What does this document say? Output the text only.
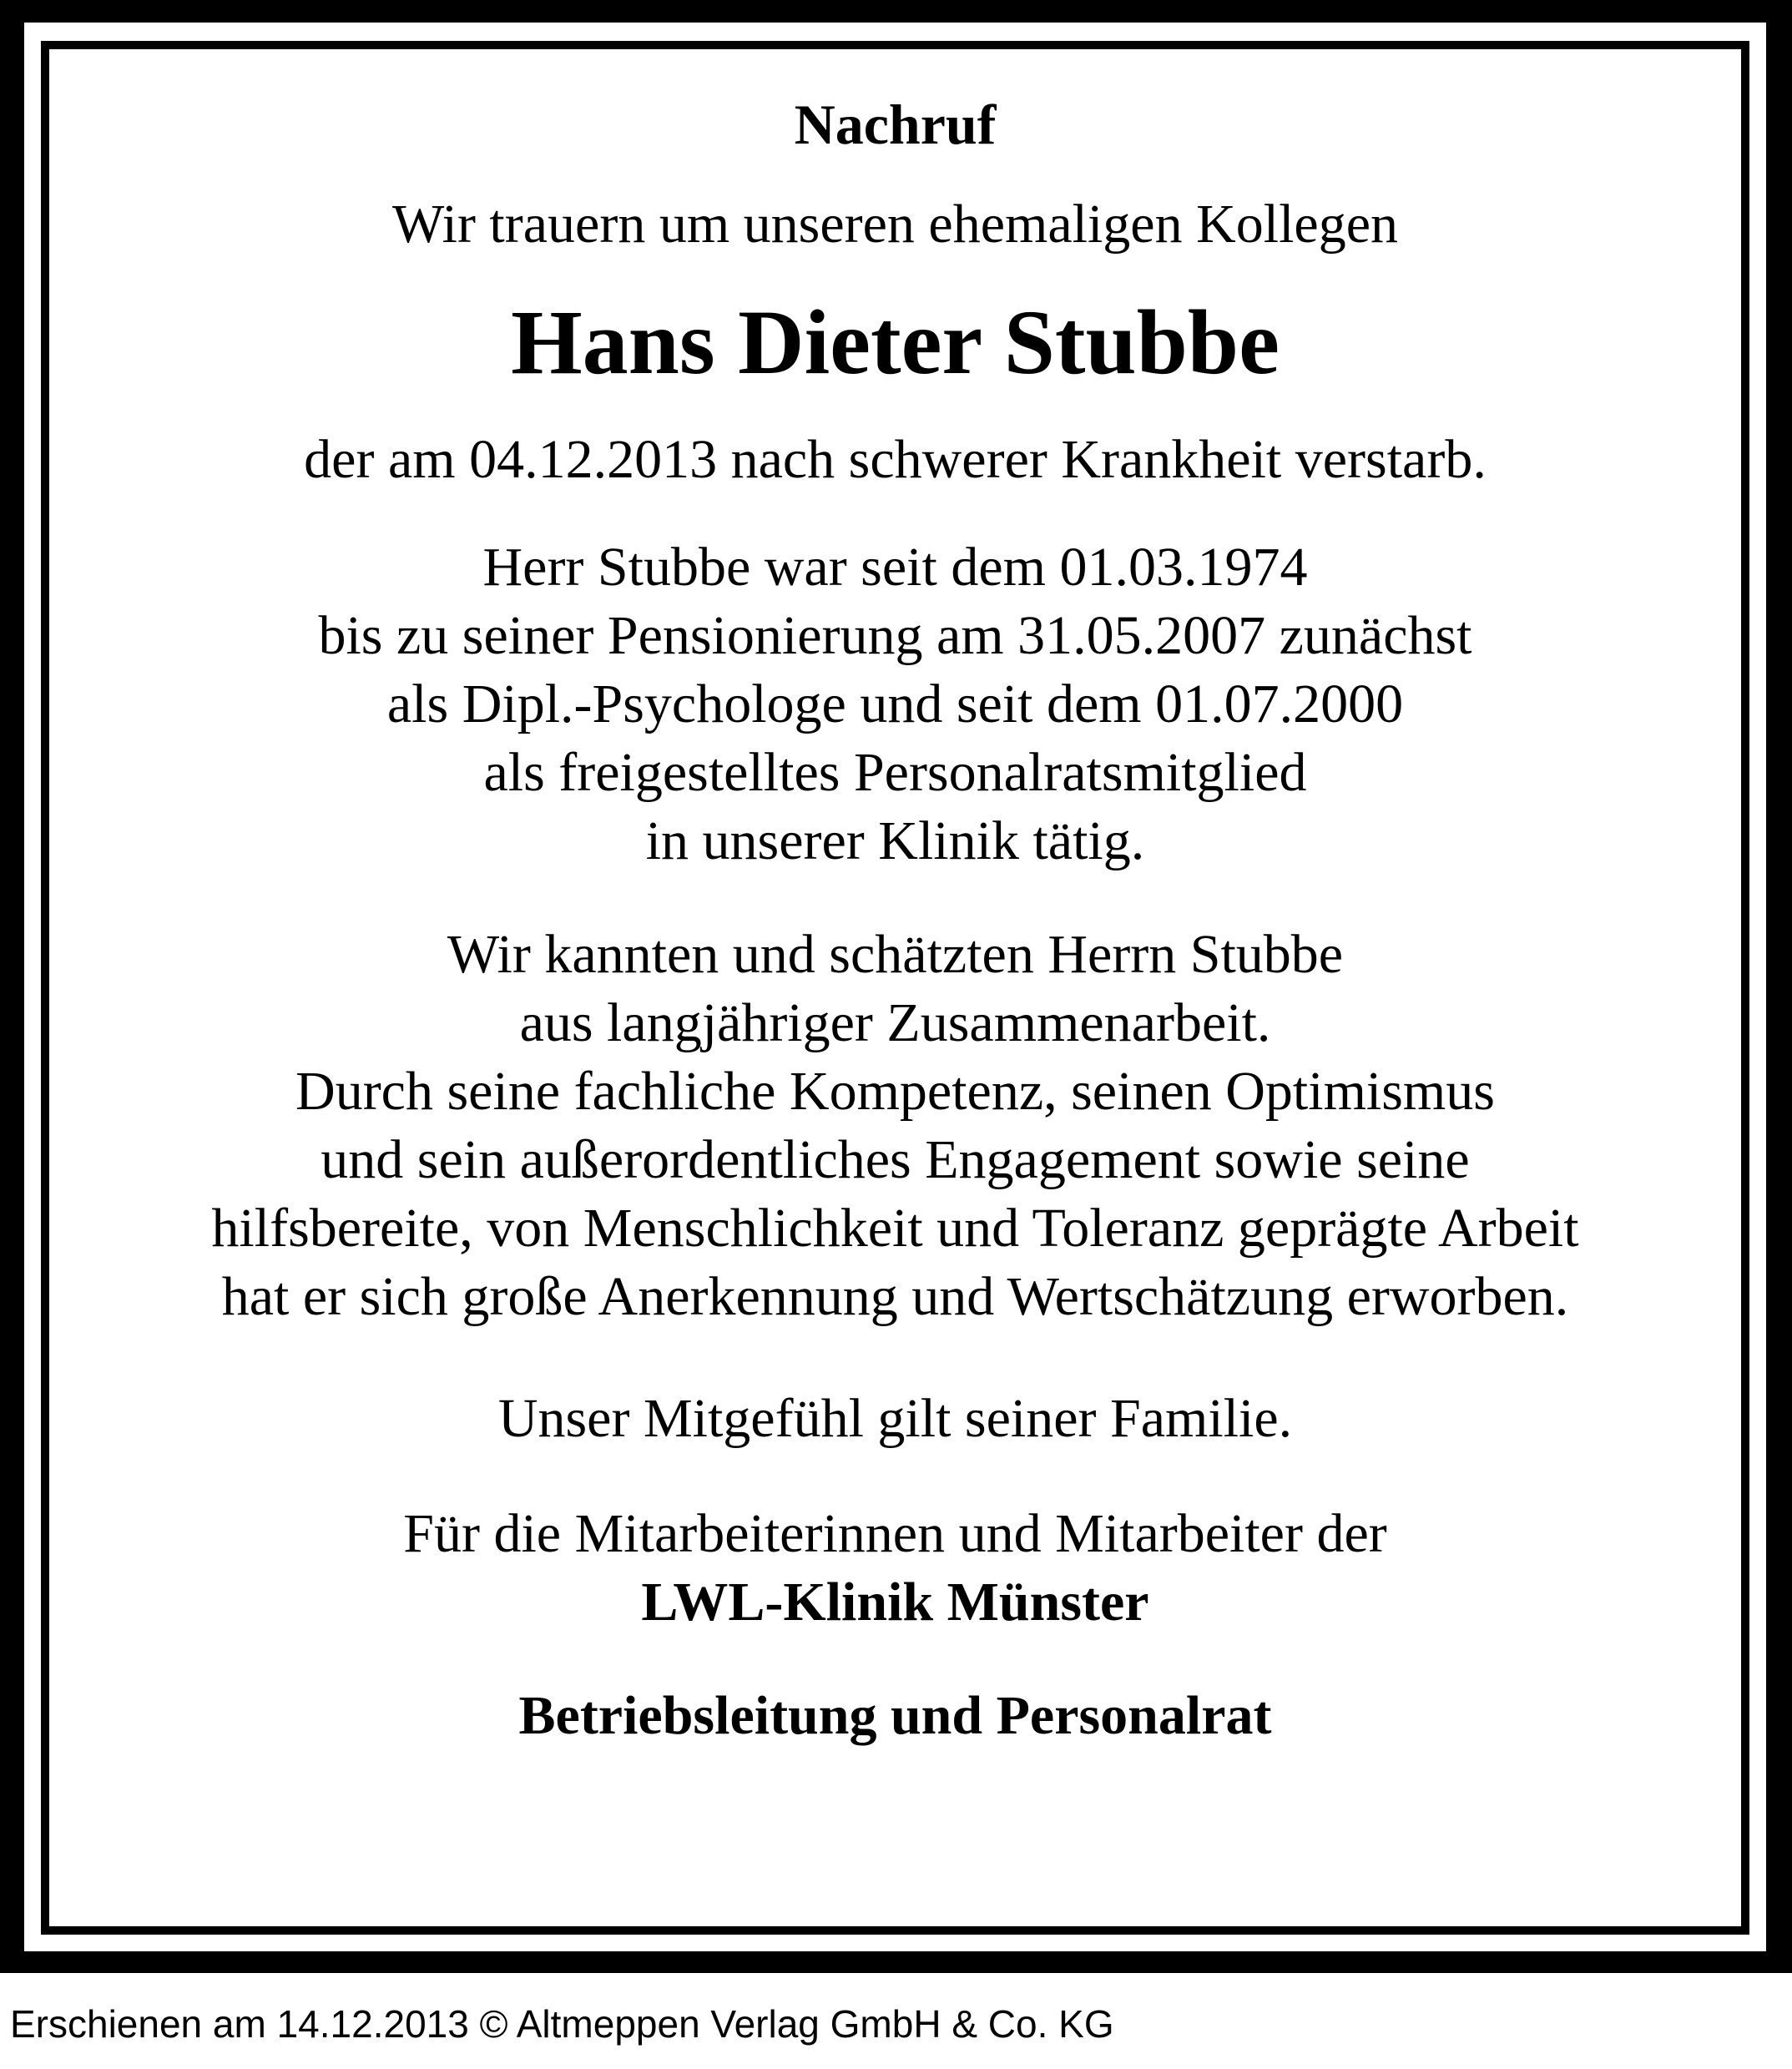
Nachruf

Wir trauern um unseren ehemaligen Kollegen

Hans Dieter Stubbe

der am 04.12.2013 nach schwerer Krankheit verstarb.

Herr Stubbe war seit dem 01.03.1974
bis zu seiner Pensionierung am 31.05.2007 zunächst
als Dipl.-Psychologe und seit dem 01.07.2000
als freigestelltes Personalratsmitglied
in unserer Klinik tätig.
Wir kannten und schätzten Herrn Stubbe
aus langjähriger Zusammenarbeit.
Durch seine fachliche Kompetenz, seinen Optimismus
und sein außerordentliches Engagement sowie seine
hilfsbereite, von Menschlichkeit und Toleranz geprägte Arbeit
hat er sich große Anerkennung und Wertschätzung erworben.

Unser Mitgefühl gilt seiner Familie.

Für die Mitarbeiterinnen und Mitarbeiter der

LWL-Klinik Münster

Betriebsleitung und Personalrat

Erschienen am 14.12.2013 © Altmeppen Verlag GmbH & Co. KG
